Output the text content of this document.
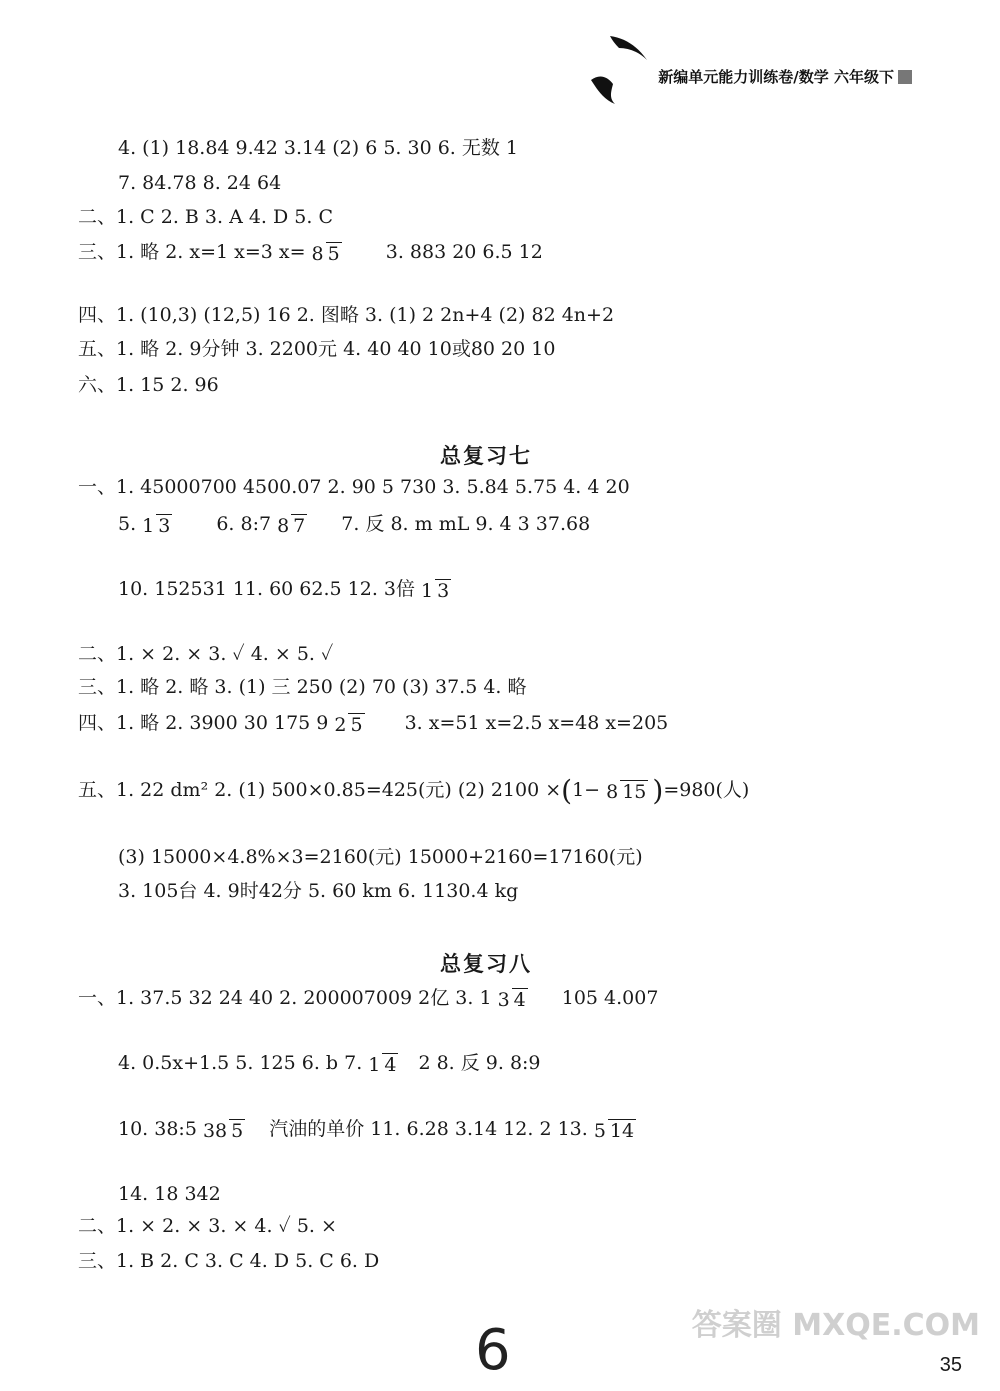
新编单元能力训练卷/数学 六年级下
4. (1) 18.84 9.42 3.14 (2) 6 5. 30 6. 无数 1
7. 84.78 8. 24 64
二、1. C 2. B 3. A 4. D 5. C
三、1. 略 2. x=1 x=3 x= 8 5 3. 883 20 6.5 12
四、1. (10,3) (12,5) 16 2. 图略 3. (1) 2 2n+4 (2) 82 4n+2
五、1. 略 2. 9分钟 3. 2200元 4. 40 40 10或80 20 10
六、1. 15 2. 96
总复习七
一、1. 45000700 4500.07 2. 90 5 730 3. 5.84 5.75 4. 4 20
5. 1 3 6. 8:7 8 7 7. 反 8. m mL 9. 4 3 37.68
10. 152531 11. 60 62.5 12. 3倍 1 3
二、1. × 2. × 3. ✓ 4. × 5. ✓
三、1. 略 2. 略 3. (1) 三 250 (2) 70 (3) 37.5 4. 略
四、1. 略 2. 3900 30 175 9 2 5 3. x=51 x=2.5 x=48 x=205
五、1. 22 dm² 2. (1) 500×0.85=425(元) (2) 2100 ×(1− 8 15 )=980(人)
(3) 15000×4.8%×3=2160(元) 15000+2160=17160(元)
3. 105台 4. 9时42分 5. 60 km 6. 1130.4 kg
总复习八
一、1. 37.5 32 24 40 2. 200007009 2亿 3. 1 3 4 105 4.007
4. 0.5x+1.5 5. 125 6. b 7. 1 4 2 8. 反 9. 8:9
10. 38:5 38 5 汽油的单价 11. 6.28 3.14 12. 2 13. 5 14
14. 18 342
二、1. × 2. × 3. × 4. ✓ 5. ×
三、1. B 2. C 3. C 4. D 5. C 6. D
6	答案圈 MXQE.COM
35
